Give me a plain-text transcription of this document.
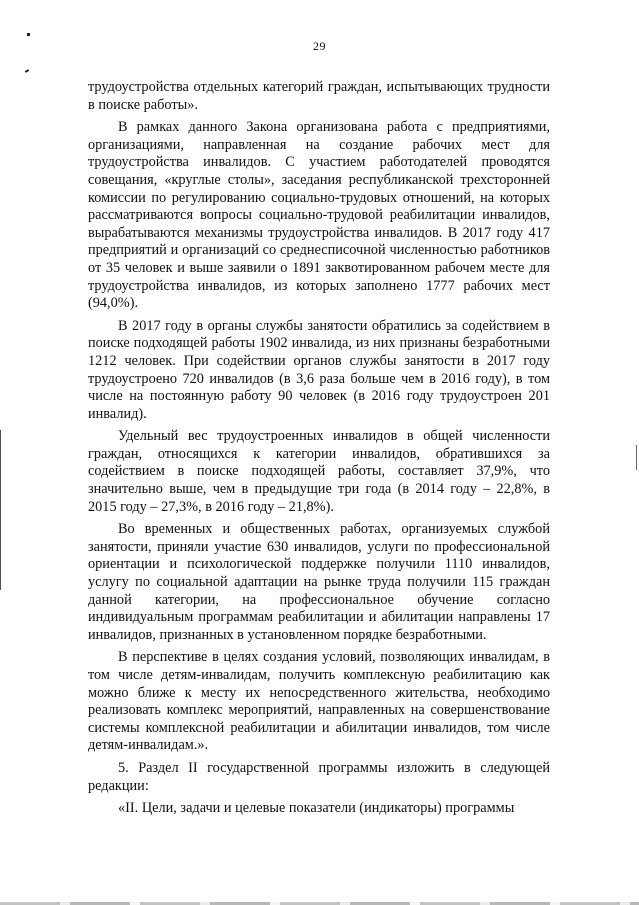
29

трудоустройства отдельных категорий граждан, испытывающих трудности в поиске работы».

В рамках данного Закона организована работа с предприятиями, организациями, направленная на создание рабочих мест для трудоустройства инвалидов. С участием работодателей проводятся совещания, «круглые столы», заседания республиканской трехсторонней комиссии по регулированию социально-трудовых отношений, на которых рассматриваются вопросы социально-трудовой реабилитации инвалидов, вырабатываются механизмы трудоустройства инвалидов. В 2017 году 417 предприятий и организаций со среднесписочной численностью работников от 35 человек и выше заявили о 1891 заквотированном рабочем месте для трудоустройства инвалидов, из которых заполнено 1777 рабочих мест (94,0%).

В 2017 году в органы службы занятости обратились за содействием в поиске подходящей работы 1902 инвалида, из них признаны безработными 1212 человек. При содействии органов службы занятости в 2017 году трудоустроено 720 инвалидов (в 3,6 раза больше чем в 2016 году), в том числе на постоянную работу 90 человек (в 2016 году трудоустроен 201 инвалид).

Удельный вес трудоустроенных инвалидов в общей численности граждан, относящихся к категории инвалидов, обратившихся за содействием в поиске подходящей работы, составляет 37,9%, что значительно выше, чем в предыдущие три года (в 2014 году – 22,8%, в 2015 году – 27,3%, в 2016 году – 21,8%).

Во временных и общественных работах, организуемых службой занятости, приняли участие 630 инвалидов, услуги по профессиональной ориентации и психологической поддержке получили 1110 инвалидов, услугу по социальной адаптации на рынке труда получили 115 граждан данной категории, на профессиональное обучение согласно индивидуальным программам реабилитации и абилитации направлены 17 инвалидов, признанных в установленном порядке безработными.

В перспективе в целях создания условий, позволяющих инвалидам, в том числе детям-инвалидам, получить комплексную реабилитацию как можно ближе к месту их непосредственного жительства, необходимо реализовать комплекс мероприятий, направленных на совершенствование системы комплексной реабилитации и абилитации инвалидов, том числе детям-инвалидам.».

5. Раздел II государственной программы изложить в следующей редакции:

«II. Цели, задачи и целевые показатели (индикаторы) программы
